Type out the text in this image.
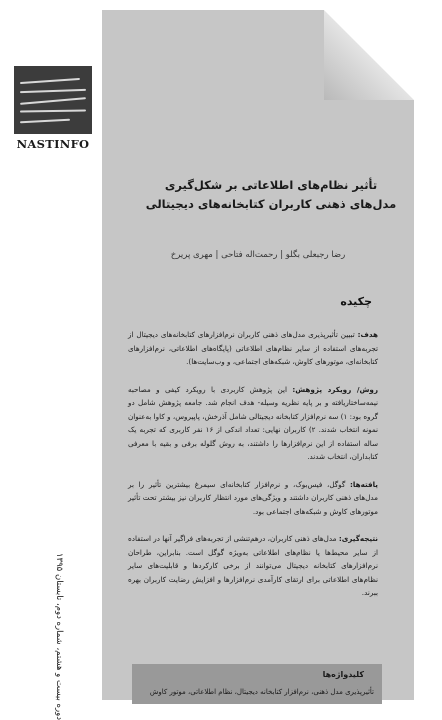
NASTINFO
دوره بیست و هشتم، شماره دوم، تابستان ۱۳۹۵
تأثیر نظام‌های اطلاعاتی بر شکل‌گیری مدل‌های ذهنی کاربران کتابخانه‌های دیجیتالی
رضا رجبعلی بگلو | رحمت‌اله فتاحی | مهری پریرخ
چکیده

هدف: تبیین تأثیرپذیری مدل‌های ذهنی کاربران نرم‌افزارهای کتابخانه‌های دیجیتال از تجربه‌های استفاده از سایر نظام‌های اطلاعاتی (پایگاه‌های اطلاعاتی، نرم‌افزارهای کتابخانه‌ای، موتورهای کاوش، شبکه‌های اجتماعی، و وب‌سایت‌ها).

روش/ رویکرد پژوهش: این پژوهش کاربردی با رویکرد کیفی و مصاحبه نیمه‌ساختاریافته و بر پایه نظریه وسیله- هدف انجام شد. جامعه پژوهش شامل دو گروه بود: ۱) سه نرم‌افزار کتابخانه دیجیتالی شامل آذرخش، پاپیروس، و کاوا به‌عنوان نمونه انتخاب شدند. ۲) کاربران نهایی: تعداد اندکی از ۱۶ نفر کاربری که تجربه یک ساله استفاده از این نرم‌افزارها را داشتند، به روش گلوله برفی و بقیه با معرفی کتابداران، انتخاب شدند.

یافته‌ها: گوگل، فیس‌بوک، و نرم‌افزار کتابخانه‌ای سیمرغ بیشترین تأثیر را بر مدل‌های ذهنی کاربران داشتند و ویژگی‌های مورد انتظار کاربران نیز بیشتر تحت تأثیر موتورهای کاوش و شبکه‌های اجتماعی بود.

نتیجه‌گیری: مدل‌های ذهنی کاربران، درهم‌تنشی از تجربه‌های فراگیر آنها در استفاده از سایر محیط‌ها یا نظام‌های اطلاعاتی به‌ویژه گوگل است. بنابراین، طراحان نرم‌افزارهای کتابخانه دیجیتال می‌توانند از برخی کارکردها و قابلیت‌های سایر نظام‌های اطلاعاتی برای ارتقای کارآمدی نرم‌افزارها و افزایش رضایت کاربران بهره ببرند.

کلیدواژه‌ها
تأثیرپذیری مدل ذهنی، نرم‌افزار کتابخانه دیجیتال، نظام اطلاعاتی، موتور کاوش
